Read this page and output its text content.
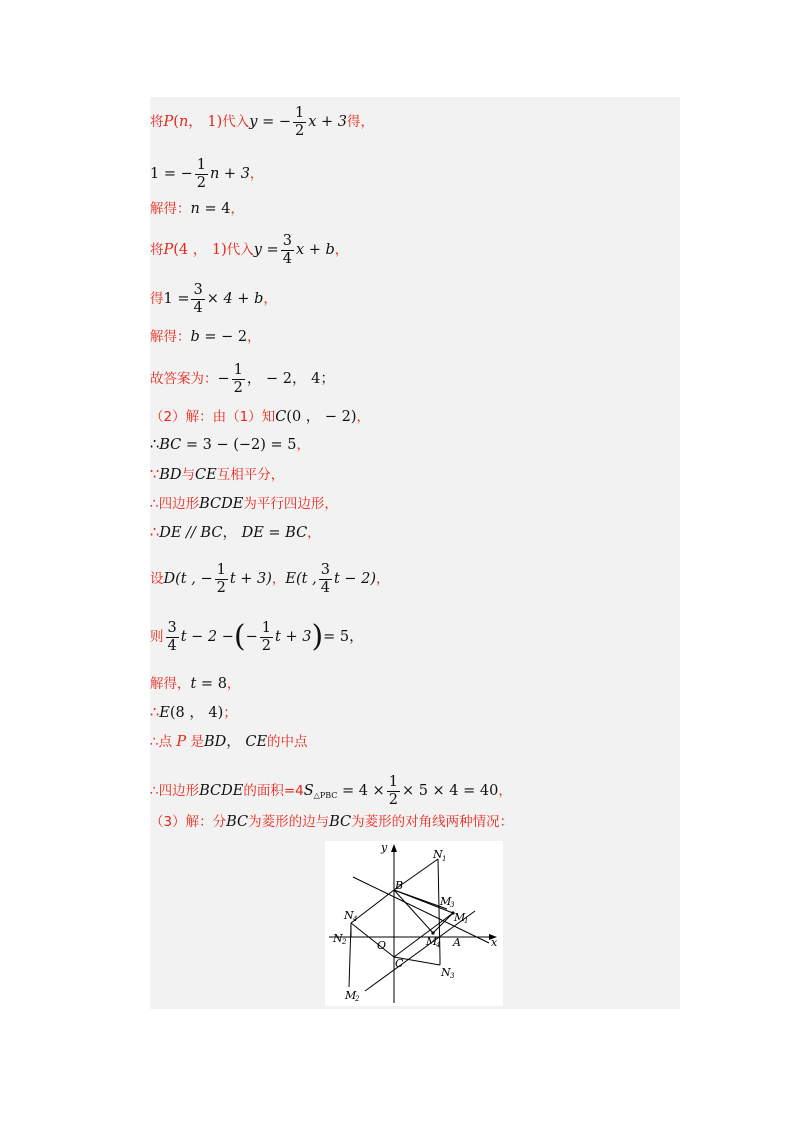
将P(n， 1)代入y = − $\frac{1}{2}$ x + 3得，
1 = − $\frac{1}{2}$ n + 3，
解得：n = 4，
将P(4 ， 1)代入$y = \frac{3}{4}$ x + b，
得$1 = \frac{3}{4} \times 4 + b$，
解得：b = − 2，
故答案为：− $\frac{1}{2}$ ， − 2， 4；
（2）解：由（1）知C(0 ， − 2)，
∴BC = 3 − (−2) = 5，
∵BD与CE互相平分，
∴四边形BCDE为平行四边形，
∴DE // BC， DE = BC，
设D(t , − $\frac{1}{2}$ t + 3)，E(t , $\frac{3}{4}$ t − 2)，
则 $\frac{3}{4}$ t − 2 −(− $\frac{1}{2}$ t + 3)= 5，
解得，t = 8，
∴E(8 ， 4)；
∴点 P 是BD， CE的中点
∴四边形BCDE的面积$=4S_{\triangle PBC} = 4 \times \frac{1}{2} \times 5 \times 4 = 40$，
（3）解：分BC为菱形的边与BC为菱形的对角线两种情况：
y
x
O	A
B
C
N 1
N 2
N 3
N 4	M
1
M
2
M
3
M
4
